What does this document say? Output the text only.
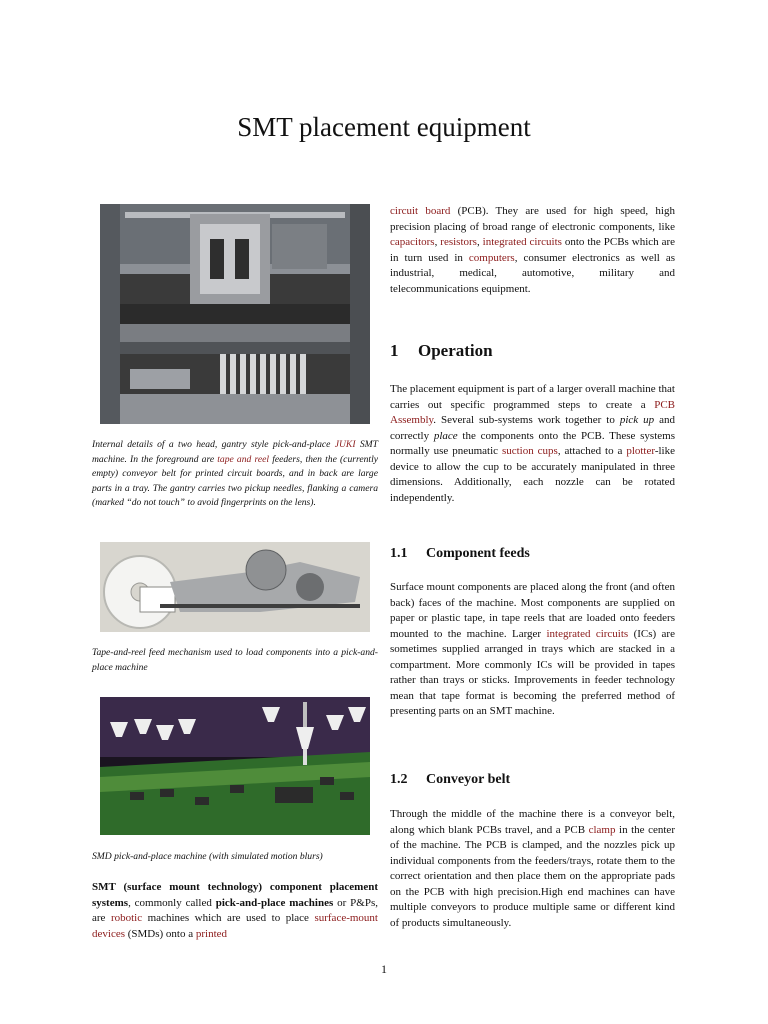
SMT placement equipment

Internal details of a two head, gantry style pick-and-place JUKI SMT machine. In the foreground are tape and reel feeders, then the (currently empty) conveyor belt for printed circuit boards, and in back are large parts in a tray. The gantry carries two pickup needles, flanking a camera (marked “do not touch” to avoid fingerprints on the lens).

Tape-and-reel feed mechanism used to load components into a pick-and-place machine

SMD pick-and-place machine (with simulated motion blurs)

SMT (surface mount technology) component placement systems, commonly called pick-and-place machines or P&Ps, are robotic machines which are used to place surface-mount devices (SMDs) onto a printed

circuit board (PCB). They are used for high speed, high precision placing of broad range of electronic components, like capacitors, resistors, integrated circuits onto the PCBs which are in turn used in computers, consumer electronics as well as industrial, medical, automotive, military and telecommunications equipment.

1 Operation

The placement equipment is part of a larger overall machine that carries out specific programmed steps to create a PCB Assembly. Several sub-systems work together to pick up and correctly place the components onto the PCB. These systems normally use pneumatic suction cups, attached to a plotter-like device to allow the cup to be accurately manipulated in three dimensions. Additionally, each nozzle can be rotated independently.

1.1 Component feeds

Surface mount components are placed along the front (and often back) faces of the machine. Most components are supplied on paper or plastic tape, in tape reels that are loaded onto feeders mounted to the machine. Larger integrated circuits (ICs) are sometimes supplied arranged in trays which are stacked in a compartment. More commonly ICs will be provided in tapes rather than trays or sticks. Improvements in feeder technology mean that tape format is becoming the preferred method of presenting parts on an SMT machine.

1.2 Conveyor belt

Through the middle of the machine there is a conveyor belt, along which blank PCBs travel, and a PCB clamp in the center of the machine. The PCB is clamped, and the nozzles pick up individual components from the feeders/trays, rotate them to the correct orientation and then place them on the appropriate pads on the PCB with high precision.High end machines can have multiple conveyors to produce multiple same or different kind of products simultaneously.

1
